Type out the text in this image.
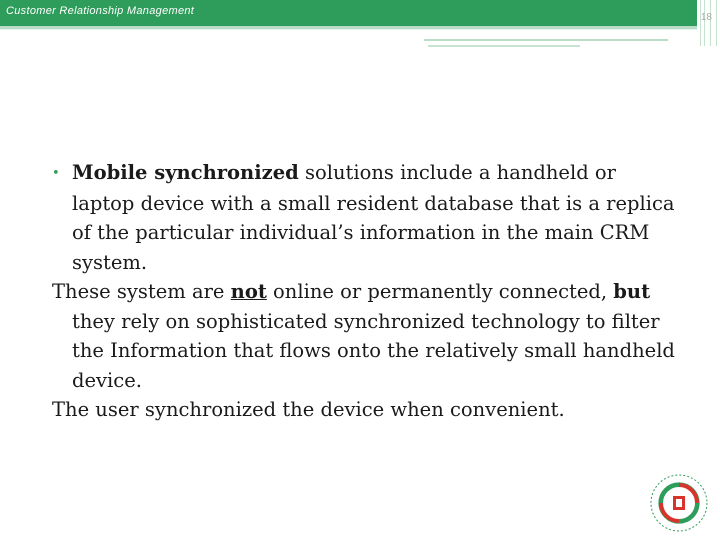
Customer Relationship Management
18

• Mobile synchronized solutions include a handheld or laptop device with a small resident database that is a replica of the particular individual’s information in the main CRM system.

These system are not online or permanently connected, but they rely on sophisticated synchronized technology to filter the Information that flows onto the relatively small handheld device.

The user synchronized the device when convenient.
